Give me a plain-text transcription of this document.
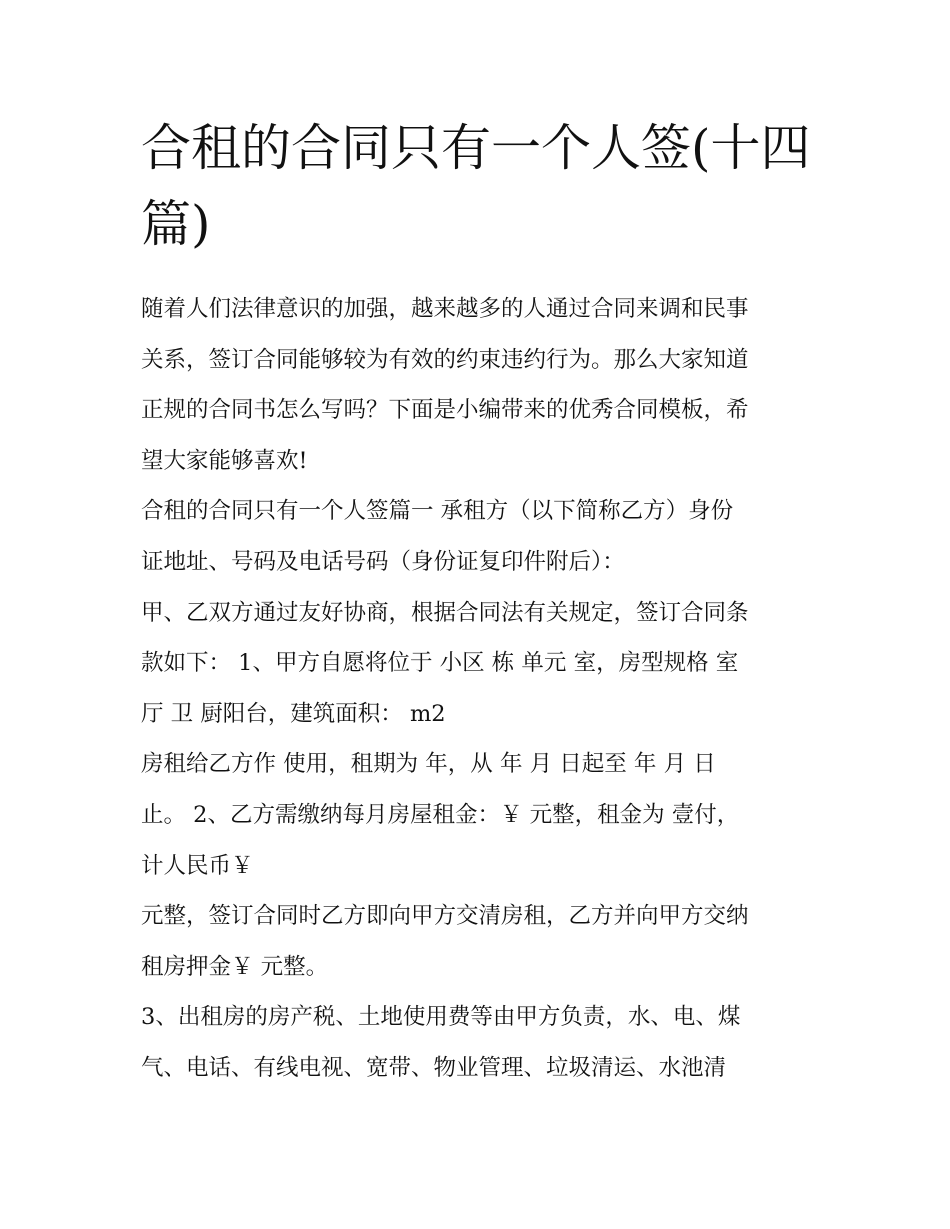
合租的合同只有一个人签(十四
篇)
随着人们法律意识的加强，越来越多的人通过合同来调和民事
关系，签订合同能够较为有效的约束违约行为。那么大家知道
正规的合同书怎么写吗？下面是小编带来的优秀合同模板，希
望大家能够喜欢!
合租的合同只有一个人签篇一 承租方（以下简称乙方）身份
证地址、号码及电话号码（身份证复印件附后）：
甲、乙双方通过友好协商，根据合同法有关规定，签订合同条
款如下： 1、甲方自愿将位于 小区 栋 单元 室，房型规格 室
厅 卫 厨阳台，建筑面积： m2
房租给乙方作 使用，租期为 年，从 年 月 日起至 年 月 日
止。 2、乙方需缴纳每月房屋租金：￥ 元整，租金为 壹付，
计人民币￥
元整，签订合同时乙方即向甲方交清房租，乙方并向甲方交纳
租房押金￥ 元整。
3、出租房的房产税、土地使用费等由甲方负责，水、电、煤
气、电话、有线电视、宽带、物业管理、垃圾清运、水池清
